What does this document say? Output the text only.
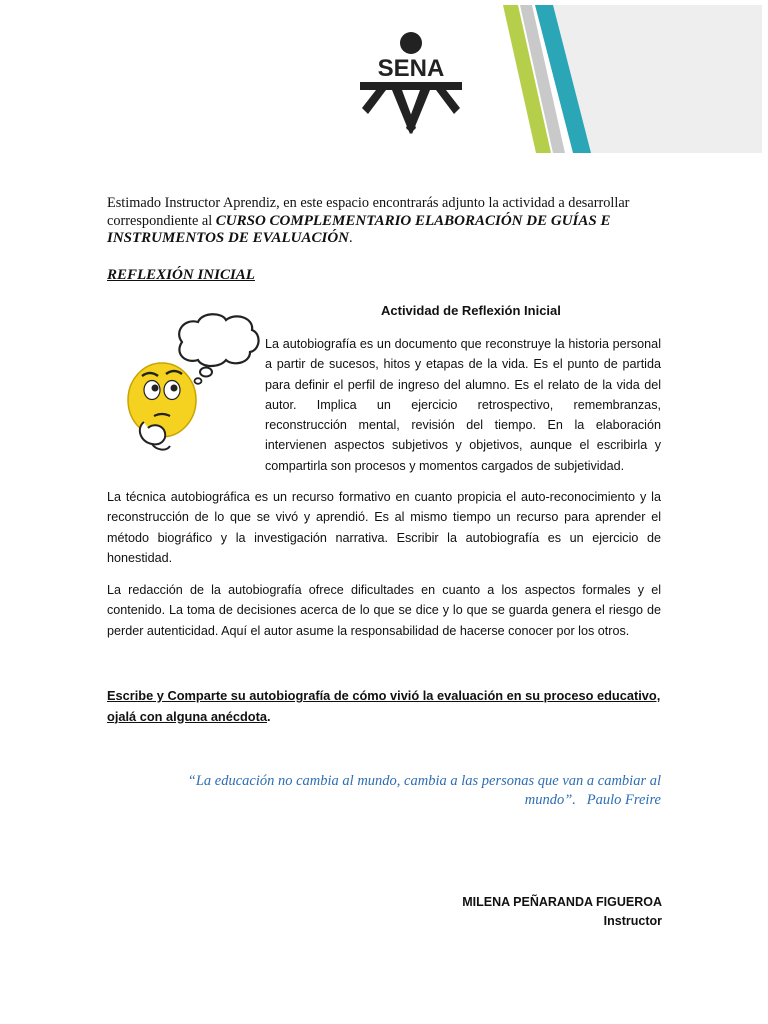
SENA
Estimado Instructor Aprendiz, en este espacio encontrarás adjunto la actividad a desarrollar correspondiente al CURSO COMPLEMENTARIO ELABORACIÓN DE GUÍAS E INSTRUMENTOS DE EVALUACIÓN.
REFLEXIÓN INICIAL
Actividad de Reflexión Inicial

La autobiografía es un documento que reconstruye la historia personal a partir de sucesos, hitos y etapas de la vida. Es el punto de partida para definir el perfil de ingreso del alumno. Es el relato de la vida del autor. Implica un ejercicio retrospectivo, remembranzas, reconstrucción mental, revisión del tiempo. En la elaboración intervienen aspectos subjetivos y objetivos, aunque el escribirla y compartirla son procesos y momentos cargados de subjetividad.

La técnica autobiográfica es un recurso formativo en cuanto propicia el auto-reconocimiento y la reconstrucción de lo que se vivó y aprendió. Es al mismo tiempo un recurso para aprender el método biográfico y la investigación narrativa. Escribir la autobiografía es un ejercicio de honestidad.

La redacción de la autobiografía ofrece dificultades en cuanto a los aspectos formales y el contenido. La toma de decisiones acerca de lo que se dice y lo que se guarda genera el riesgo de perder autenticidad. Aquí el autor asume la responsabilidad de hacerse conocer por los otros.

Escribe y Comparte su autobiografía de cómo vivió la evaluación en su proceso educativo, ojalá con alguna anécdota.
“La educación no cambia al mundo, cambia a las personas que van a cambiar al mundo”. Paulo Freire
MILENA PEÑARANDA FIGUEROA
Instructor
